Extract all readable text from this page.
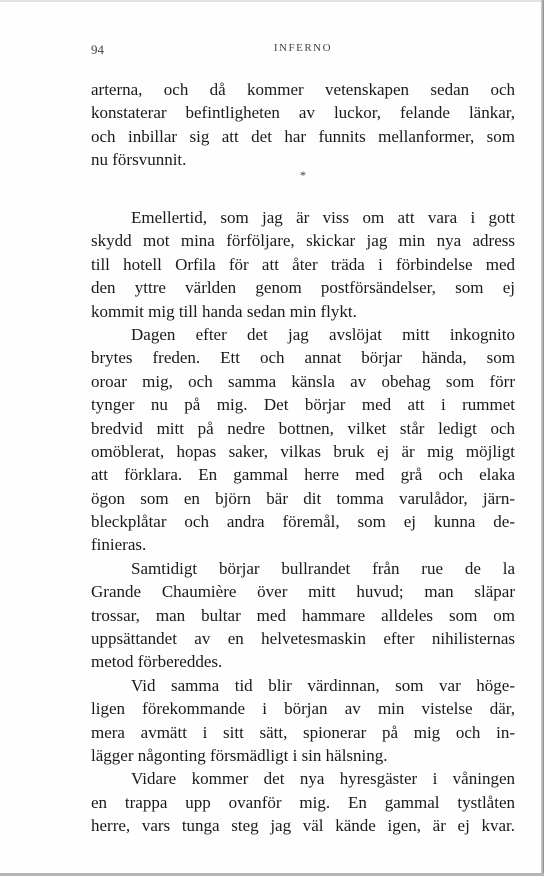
94	INFERNO
arterna, och då kommer vetenskapen sedan och
konstaterar befintligheten av luckor, felande länkar,
och inbillar sig att det har funnits mellanformer, som
nu försvunnit.
*
Emellertid, som jag är viss om att vara i gott
skydd mot mina förföljare, skickar jag min nya adress
till hotell Orfila för att åter träda i förbindelse med
den yttre världen genom postförsändelser, som ej
kommit mig till handa sedan min flykt.
Dagen efter det jag avslöjat mitt inkognito
brytes freden. Ett och annat börjar hända, som
oroar mig, och samma känsla av obehag som förr
tynger nu på mig. Det börjar med att i rummet
bredvid mitt på nedre bottnen, vilket står ledigt och
omöblerat, hopas saker, vilkas bruk ej är mig möjligt
att förklara. En gammal herre med grå och elaka
ögon som en björn bär dit tomma varulådor, järn-
bleckplåtar och andra föremål, som ej kunna de-
finieras.
Samtidigt börjar bullrandet från rue de la
Grande Chaumière över mitt huvud; man släpar
trossar, man bultar med hammare alldeles som om
uppsättandet av en helvetesmaskin efter nihilisternas
metod förbereddes.
Vid samma tid blir värdinnan, som var höge-
ligen förekommande i början av min vistelse där,
mera avmätt i sitt sätt, spionerar på mig och in-
lägger någonting försmädligt i sin hälsning.
Vidare kommer det nya hyresgäster i våningen
en trappa upp ovanför mig. En gammal tystlåten
herre, vars tunga steg jag väl kände igen, är ej kvar.
